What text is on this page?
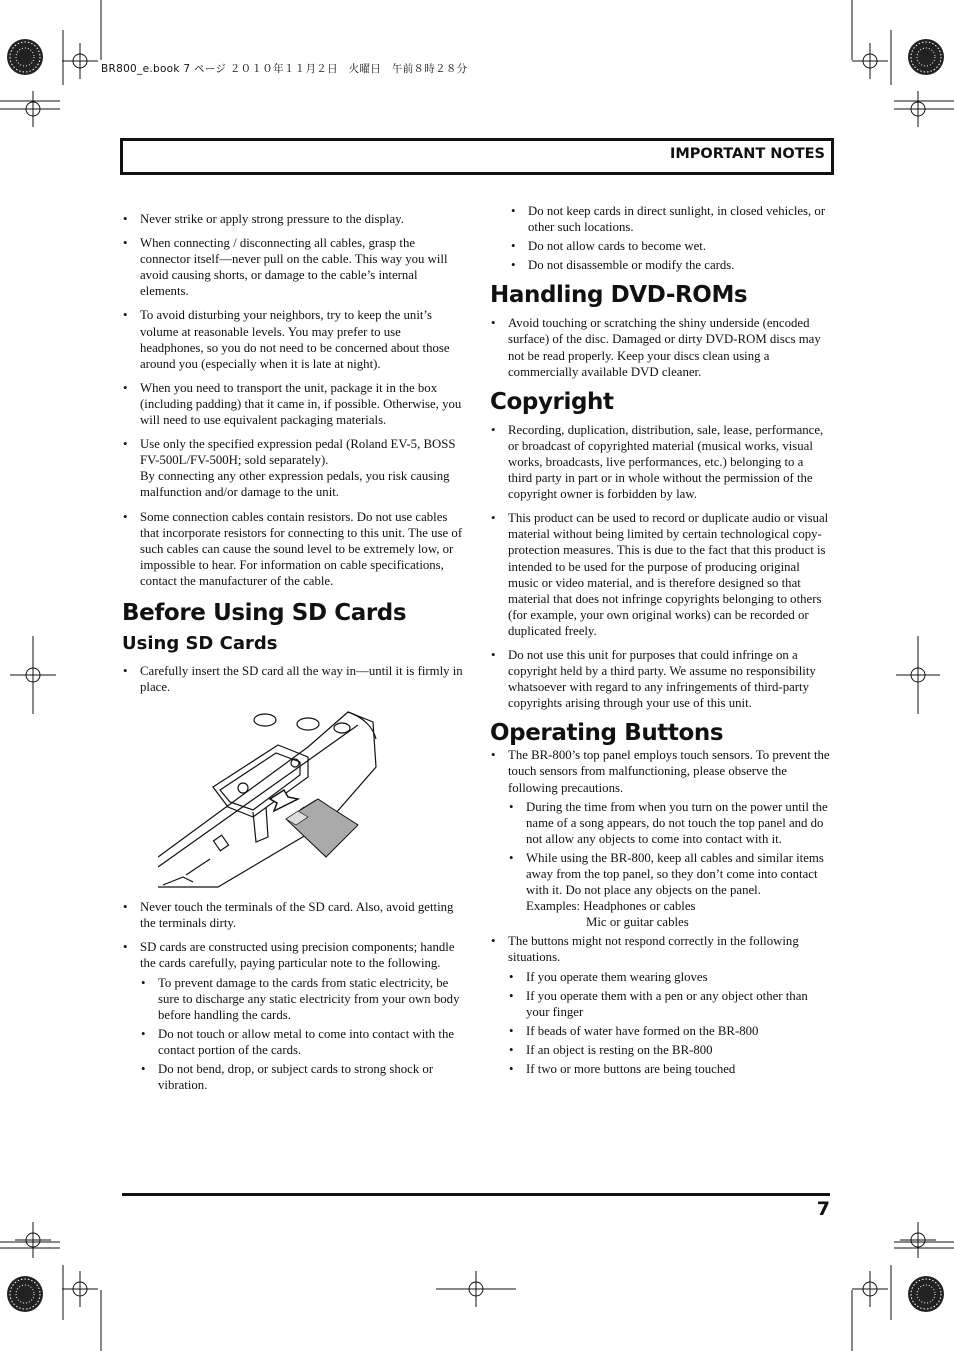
BR800_e.book 7 ページ ２０１０年１１月２日　火曜日　午前８時２８分
IMPORTANT NOTES
• Never strike or apply strong pressure to the display.
• When connecting / disconnecting all cables, grasp the connector itself—never pull on the cable. This way you will avoid causing shorts, or damage to the cable’s internal elements.
• To avoid disturbing your neighbors, try to keep the unit’s volume at reasonable levels. You may prefer to use headphones, so you do not need to be concerned about those around you (especially when it is late at night).
• When you need to transport the unit, package it in the box (including padding) that it came in, if possible. Otherwise, you will need to use equivalent packaging materials.
• Use only the specified expression pedal (Roland EV-5, BOSS FV-500L/FV-500H; sold separately).
By connecting any other expression pedals, you risk causing malfunction and/or damage to the unit.
• Some connection cables contain resistors. Do not use cables that incorporate resistors for connecting to this unit. The use of such cables can cause the sound level to be extremely low, or impossible to hear. For information on cable specifications, contact the manufacturer of the cable.
Before Using SD Cards
Using SD Cards
• Carefully insert the SD card all the way in—until it is firmly in place.
• Never touch the terminals of the SD card. Also, avoid getting the terminals dirty.
• SD cards are constructed using precision components; handle the cards carefully, paying particular note to the following.
• To prevent damage to the cards from static electricity, be sure to discharge any static electricity from your own body before handling the cards.
• Do not touch or allow metal to come into contact with the contact portion of the cards.
• Do not bend, drop, or subject cards to strong shock or vibration.
• Do not keep cards in direct sunlight, in closed vehicles, or other such locations.
• Do not allow cards to become wet.
• Do not disassemble or modify the cards.
Handling DVD-ROMs
• Avoid touching or scratching the shiny underside (encoded surface) of the disc. Damaged or dirty DVD-ROM discs may not be read properly. Keep your discs clean using a commercially available DVD cleaner.
Copyright
• Recording, duplication, distribution, sale, lease, performance, or broadcast of copyrighted material (musical works, visual works, broadcasts, live performances, etc.) belonging to a third party in part or in whole without the permission of the copyright owner is forbidden by law.
• This product can be used to record or duplicate audio or visual material without being limited by certain technological copy-protection measures. This is due to the fact that this product is intended to be used for the purpose of producing original music or video material, and is therefore designed so that material that does not infringe copyrights belonging to others (for example, your own original works) can be recorded or duplicated freely.
• Do not use this unit for purposes that could infringe on a copyright held by a third party. We assume no responsibility whatsoever with regard to any infringements of third-party copyrights arising through your use of this unit.
Operating Buttons
• The BR-800’s top panel employs touch sensors. To prevent the touch sensors from malfunctioning, please observe the following precautions.
• During the time from when you turn on the power until the name of a song appears, do not touch the top panel and do not allow any objects to come into contact with it.
• While using the BR-800, keep all cables and similar items away from the top panel, so they don’t come into contact with it. Do not place any objects on the panel.
Examples: Headphones or cables
Mic or guitar cables
• The buttons might not respond correctly in the following situations.
• If you operate them wearing gloves
• If you operate them with a pen or any object other than your finger
• If beads of water have formed on the BR-800
• If an object is resting on the BR-800
• If two or more buttons are being touched
7
